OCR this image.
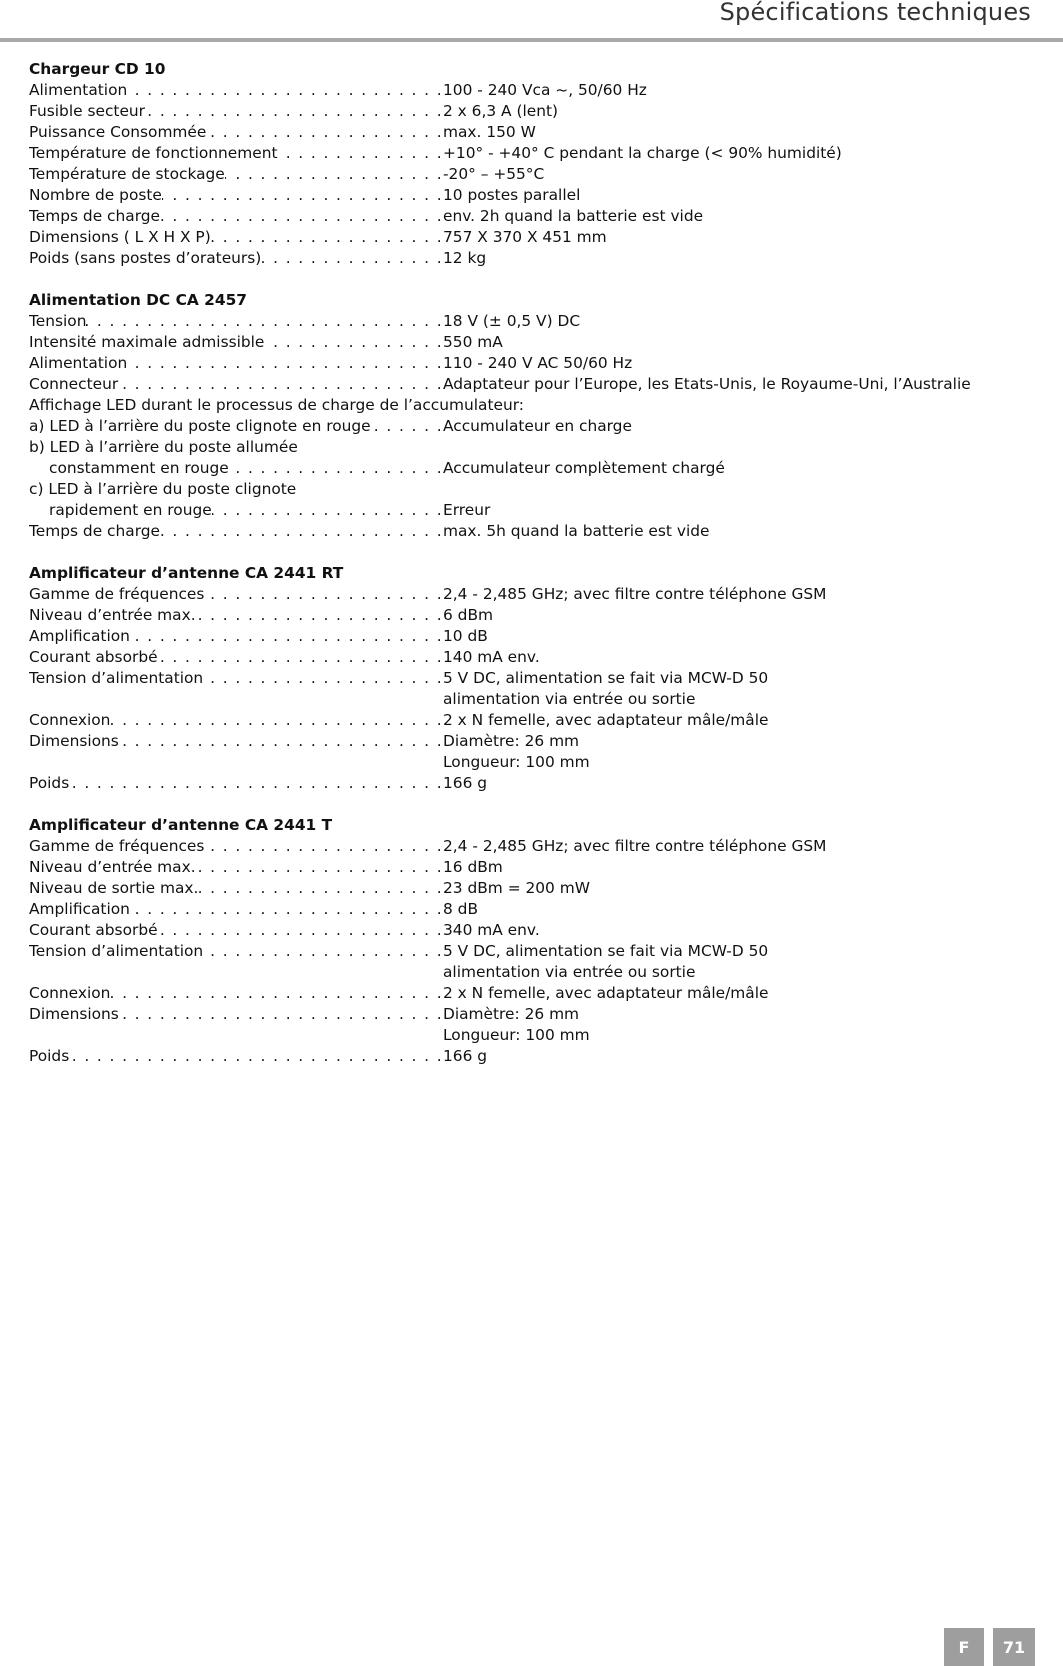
Spécifications techniques
Chargeur CD 10
Alimentation . . .	100 - 240 Vca ~, 50/60 Hz
Fusible secteur . . .	2 x 6,3 A (lent)
Puissance Consommée . . .	max. 150 W
Température de fonctionnement . . .	+10° - +40° C pendant la charge (< 90% humidité)
Température de stockage . . .	-20° – +55°C
Nombre de poste . . .	10 postes parallel
Temps de charge . . .	env. 2h quand la batterie est vide
Dimensions ( L X H X P) . . .	757 X 370 X 451 mm
Poids (sans postes d’orateurs) . . .	12 kg
Alimentation DC CA 2457
Tension . . .	18 V (± 0,5 V) DC
Intensité maximale admissible . . .	550 mA
Alimentation . . .	110 - 240 V AC 50/60 Hz
Connecteur . . .	Adaptateur pour l’Europe, les Etats-Unis, le Royaume-Uni, l’Australie
Affichage LED durant le processus de charge de l’accumulateur:
a) LED à l’arrière du poste clignote en rouge . . .	Accumulateur en charge
b) LED à l’arrière du poste allumée
constamment en rouge . . .	Accumulateur complètement chargé
c) LED à l’arrière du poste clignote
rapidement en rouge . . .	Erreur
Temps de charge . . .	max. 5h quand la batterie est vide
Amplificateur d’antenne CA 2441 RT
Gamme de fréquences . . .	2,4 - 2,485 GHz; avec filtre contre téléphone GSM
Niveau d’entrée max. . . .	6 dBm
Amplification . . .	10 dB
Courant absorbé . . .	140 mA env.
Tension d’alimentation . . .	5 V DC, alimentation se fait via MCW-D 50
alimentation via entrée ou sortie
Connexion . . .	2 x N femelle, avec adaptateur mâle/mâle
Dimensions . . .	Diamètre: 26 mm
Longueur: 100 mm
Poids . . .	166 g
Amplificateur d’antenne CA 2441 T
Gamme de fréquences . . .	2,4 - 2,485 GHz; avec filtre contre téléphone GSM
Niveau d’entrée max. . . .	16 dBm
Niveau de sortie max. . . .	23 dBm = 200 mW
Amplification . . .	8 dB
Courant absorbé . . .	340 mA env.
Tension d’alimentation . . .	5 V DC, alimentation se fait via MCW-D 50
alimentation via entrée ou sortie
Connexion . . .	2 x N femelle, avec adaptateur mâle/mâle
Dimensions . . .	Diamètre: 26 mm
Longueur: 100 mm
Poids . . .	166 g
F	71
